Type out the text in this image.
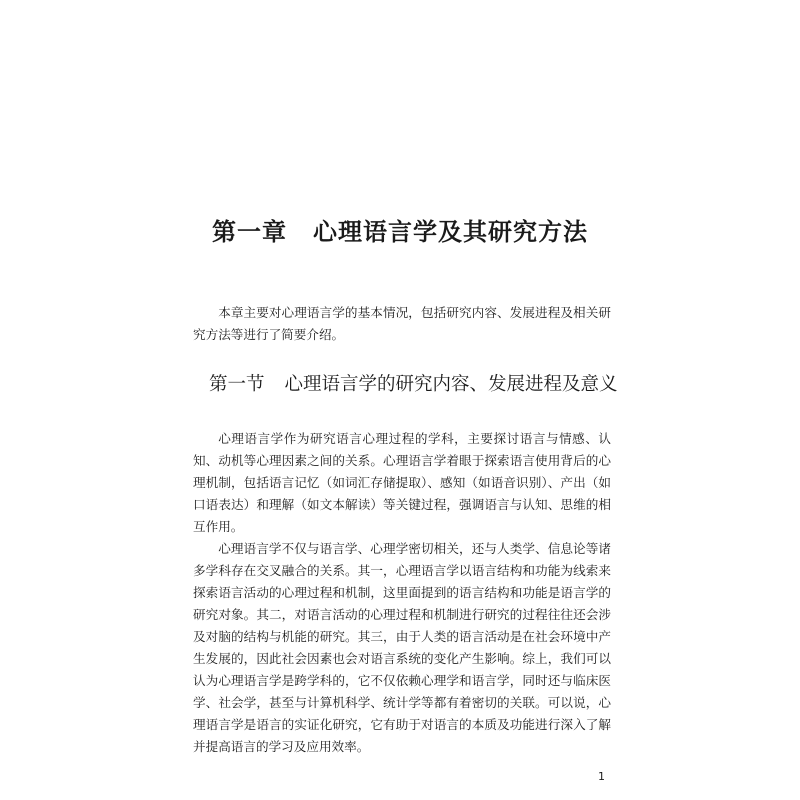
第一章 心理语言学及其研究方法

本章主要对心理语言学的基本情况，包括研究内容、发展进程及相关研究方法等进行了简要介绍。

第一节 心理语言学的研究内容、发展进程及意义

心理语言学作为研究语言心理过程的学科，主要探讨语言与情感、认知、动机等心理因素之间的关系。心理语言学着眼于探索语言使用背后的心理机制，包括语言记忆（如词汇存储提取）、感知（如语音识别）、产出（如口语表达）和理解（如文本解读）等关键过程，强调语言与认知、思维的相互作用。

心理语言学不仅与语言学、心理学密切相关，还与人类学、信息论等诸多学科存在交叉融合的关系。其一，心理语言学以语言结构和功能为线索来探索语言活动的心理过程和机制，这里面提到的语言结构和功能是语言学的研究对象。其二，对语言活动的心理过程和机制进行研究的过程往往还会涉及对脑的结构与机能的研究。其三，由于人类的语言活动是在社会环境中产生发展的，因此社会因素也会对语言系统的变化产生影响。综上，我们可以认为心理语言学是跨学科的，它不仅依赖心理学和语言学，同时还与临床医学、社会学，甚至与计算机科学、统计学等都有着密切的关联。可以说，心理语言学是语言的实证化研究，它有助于对语言的本质及功能进行深入了解并提高语言的学习及应用效率。

1
